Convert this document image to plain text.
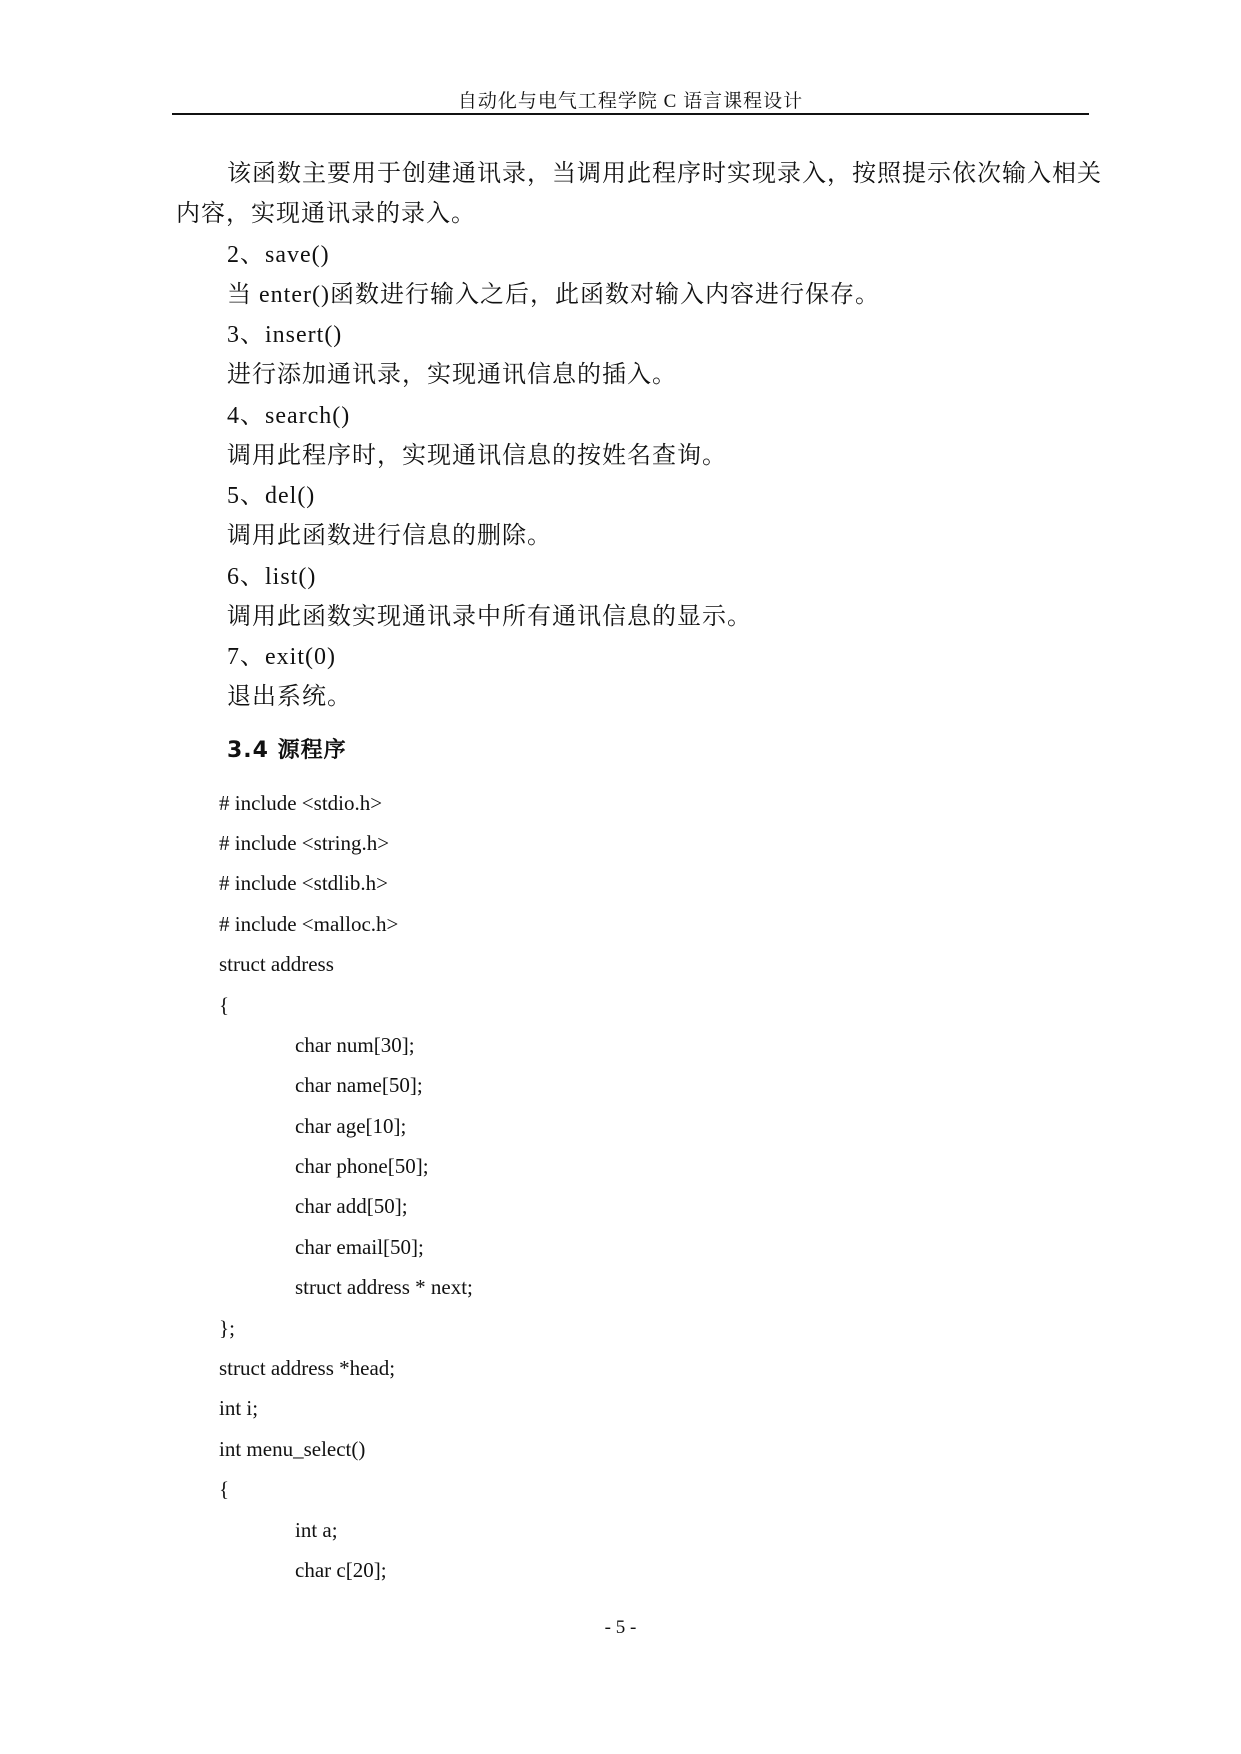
自动化与电气工程学院 C 语言课程设计
该函数主要用于创建通讯录，当调用此程序时实现录入，按照提示依次输入相关
内容，实现通讯录的录入。
2、save()
当 enter()函数进行输入之后，此函数对输入内容进行保存。
3、insert()
进行添加通讯录，实现通讯信息的插入。
4、search()
调用此程序时，实现通讯信息的按姓名查询。
5、del()
调用此函数进行信息的删除。
6、list()
调用此函数实现通讯录中所有通讯信息的显示。
7、exit(0)
退出系统。
3.4 源程序
# include <stdio.h>
# include <string.h>
# include <stdlib.h>
# include <malloc.h>
struct address
{
char num[30];
char name[50];
char age[10];
char phone[50];
char add[50];
char email[50];
struct address * next;
};
struct address *head;
int i;
int menu_select()
{
int a;
char c[20];
- 5 -
